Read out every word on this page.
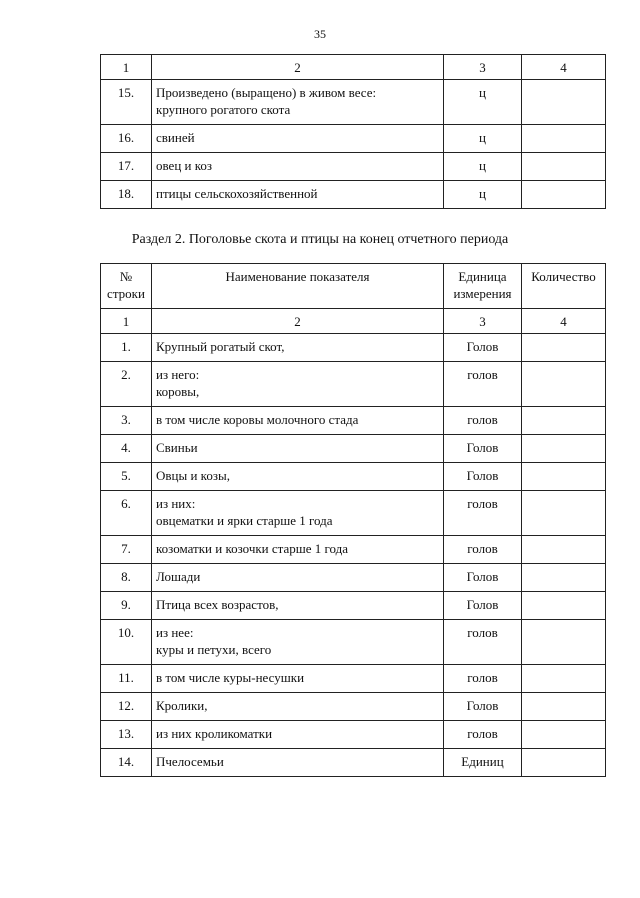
35
1	2	3	4

15.	Произведено (выращено) в живом весе:
крупного рогатого скота	ц	

16.	свиней	ц	

17.	овец и коз	ц	

18.	птицы сельскохозяйственной	ц	

Раздел 2. Поголовье скота и птицы на конец отчетного периода
№
строки	Наименование показателя	Единица
измерения	Количество

1	2	3	4

1.	Крупный рогатый скот,	Голов	

2.	из него:
коровы,	голов	

3.	в том числе коровы молочного стада	голов	

4.	Свиньи	Голов	

5.	Овцы и козы,	Голов	

6.	из них:
овцематки и ярки старше 1 года	голов	

7.	козоматки и козочки старше 1 года	голов	

8.	Лошади	Голов	

9.	Птица всех возрастов,	Голов	

10.	из нее:
куры и петухи, всего	голов	

11.	в том числе куры-несушки	голов	

12.	Кролики,	Голов	

13.	из них кроликоматки	голов	

14.	Пчелосемьи	Единиц	
